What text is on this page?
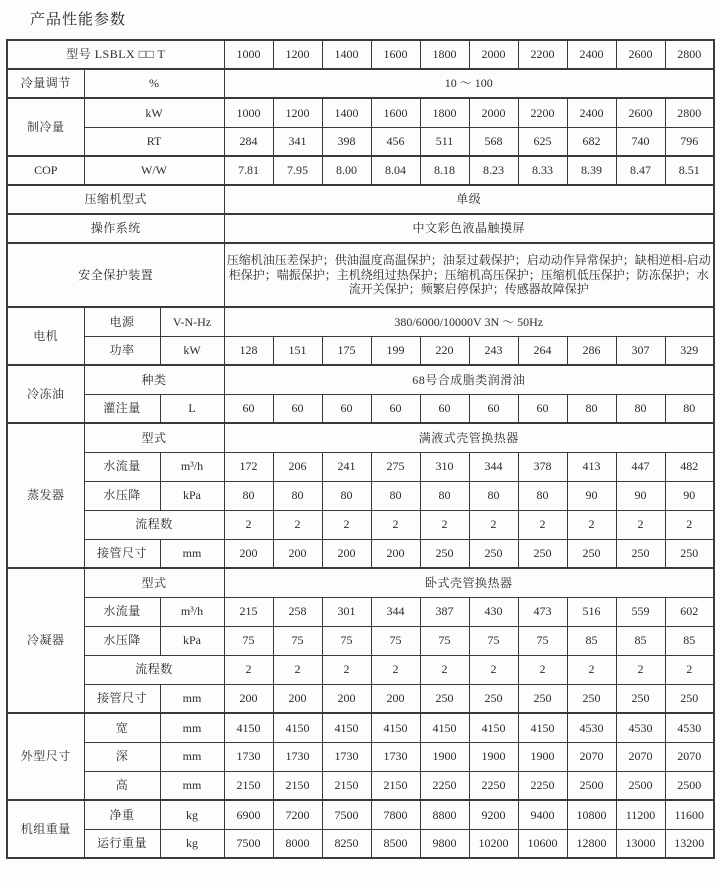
产品性能参数
型号 LSBLX □□ T			1000	1200	1400	1600	1800	2000	2200	2400	2600	2800
冷量调节	%		10 ～ 100									
制冷量	kW		1000	1200	1400	1600	1800	2000	2200	2400	2600	2800
	RT		284	341	398	456	511	568	625	682	740	796
COP	W/W		7.81	7.95	8.00	8.04	8.18	8.23	8.33	8.39	8.47	8.51
压缩机型式			单级									
操作系统			中文彩色液晶触摸屏									
安全保护装置			压缩机油压差保护；供油温度高温保护；油泵过载保护；启动动作异常保护；缺相逆相-启动柜保护；喘振保护；主机绕组过热保护；压缩机高压保护；压缩机低压保护；防冻保护；水流开关保护；频繁启停保护；传感器故障保护									
电机	电源	V-N-Hz	380/6000/10000V 3N ～ 50Hz									
	功率	kW	128	151	175	199	220	243	264	286	307	329
冷冻油	种类		68号合成脂类润滑油									
	灌注量	L	60	60	60	60	60	60	60	80	80	80
蒸发器	型式		满液式壳管换热器									
	水流量	m³/h	172	206	241	275	310	344	378	413	447	482
	水压降	kPa	80	80	80	80	80	80	80	90	90	90
	流程数		2	2	2	2	2	2	2	2	2	2
	接管尺寸	mm	200	200	200	200	250	250	250	250	250	250
冷凝器	型式		卧式壳管换热器									
	水流量	m³/h	215	258	301	344	387	430	473	516	559	602
	水压降	kPa	75	75	75	75	75	75	75	85	85	85
	流程数		2	2	2	2	2	2	2	2	2	2
	接管尺寸	mm	200	200	200	200	250	250	250	250	250	250
外型尺寸	宽	mm	4150	4150	4150	4150	4150	4150	4150	4530	4530	4530
	深	mm	1730	1730	1730	1730	1900	1900	1900	2070	2070	2070
	高	mm	2150	2150	2150	2150	2250	2250	2250	2500	2500	2500
机组重量	净重	kg	6900	7200	7500	7800	8800	9200	9400	10800	11200	11600
	运行重量	kg	7500	8000	8250	8500	9800	10200	10600	12800	13000	13200
